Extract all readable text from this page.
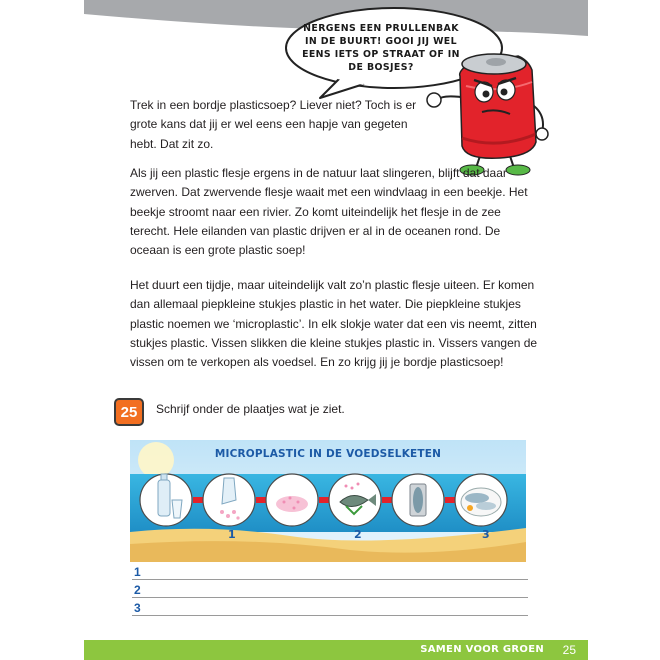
NERGENS EEN PRULLENBAK IN DE BUURT! GOOI JIJ WEL EENS IETS OP STRAAT OF IN DE BOSJES?
Trek in een bordje plasticsoep? Liever niet? Toch is er grote kans dat jij er wel eens een hapje van gegeten hebt. Dat zit zo.
Als jij een plastic flesje ergens in de natuur laat slingeren, blijft dat daar zwerven. Dat zwervende flesje waait met een windvlaag in een beekje. Het beekje stroomt naar een rivier. Zo komt uiteindelijk het flesje in de zee terecht. Hele eilanden van plastic drijven er al in de oceanen rond. De oceaan is een grote plastic soep!
Het duurt een tijdje, maar uiteindelijk valt zo’n plastic flesje uiteen. Er komen dan allemaal piepkleine stukjes plastic in het water. Die piepkleine stukjes plastic noemen we ‘microplastic’. In elk slokje water dat een vis neemt, zitten stukjes plastic. Vissen slikken die kleine stukjes plastic in. Vissers vangen de vissen om te verkopen als voedsel. En zo krijg jij je bordje plasticsoep!
25	Schrijf onder de plaatjes wat je ziet.
MICROPLASTIC IN DE VOEDSELKETEN
1	2	3
1
2
3
SAMEN VOOR GROEN 25
